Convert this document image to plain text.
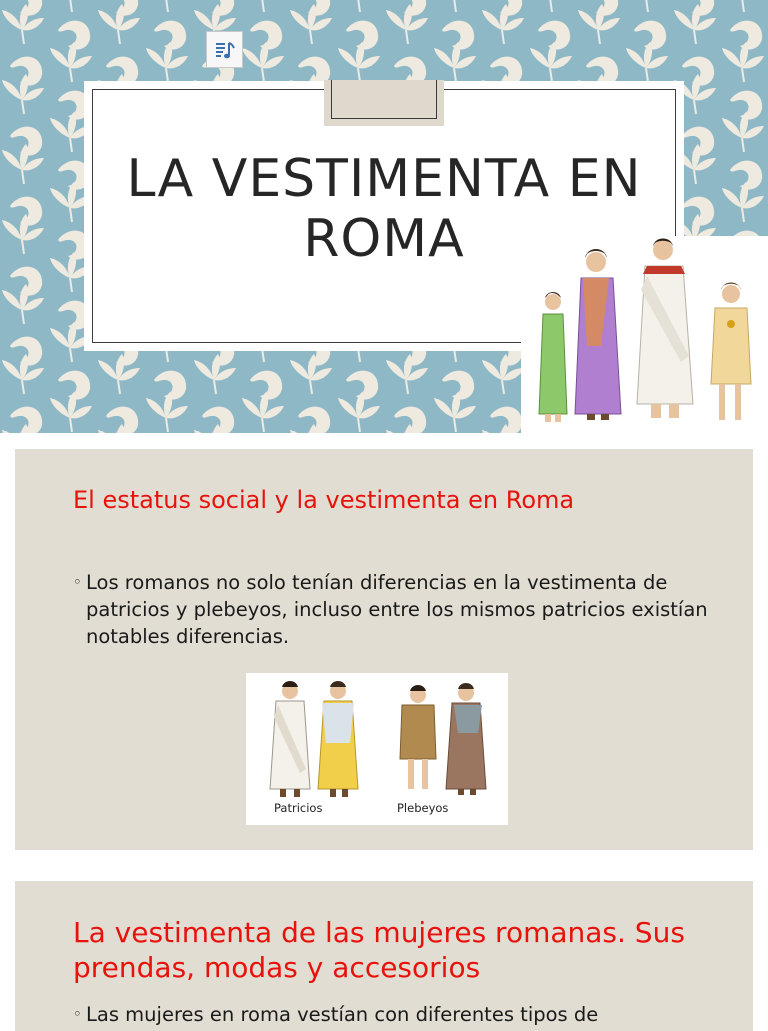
LA VESTIMENTA EN ROMA
El estatus social y la vestimenta en Roma
◦ Los romanos no solo tenían diferencias en la vestimenta de patricios y plebeyos, incluso entre los mismos patricios existían notables diferencias.
Patricios	Plebeyos
La vestimenta de las mujeres romanas. Sus prendas, modas y accesorios
◦ Las mujeres en roma vestían con diferentes tipos de
